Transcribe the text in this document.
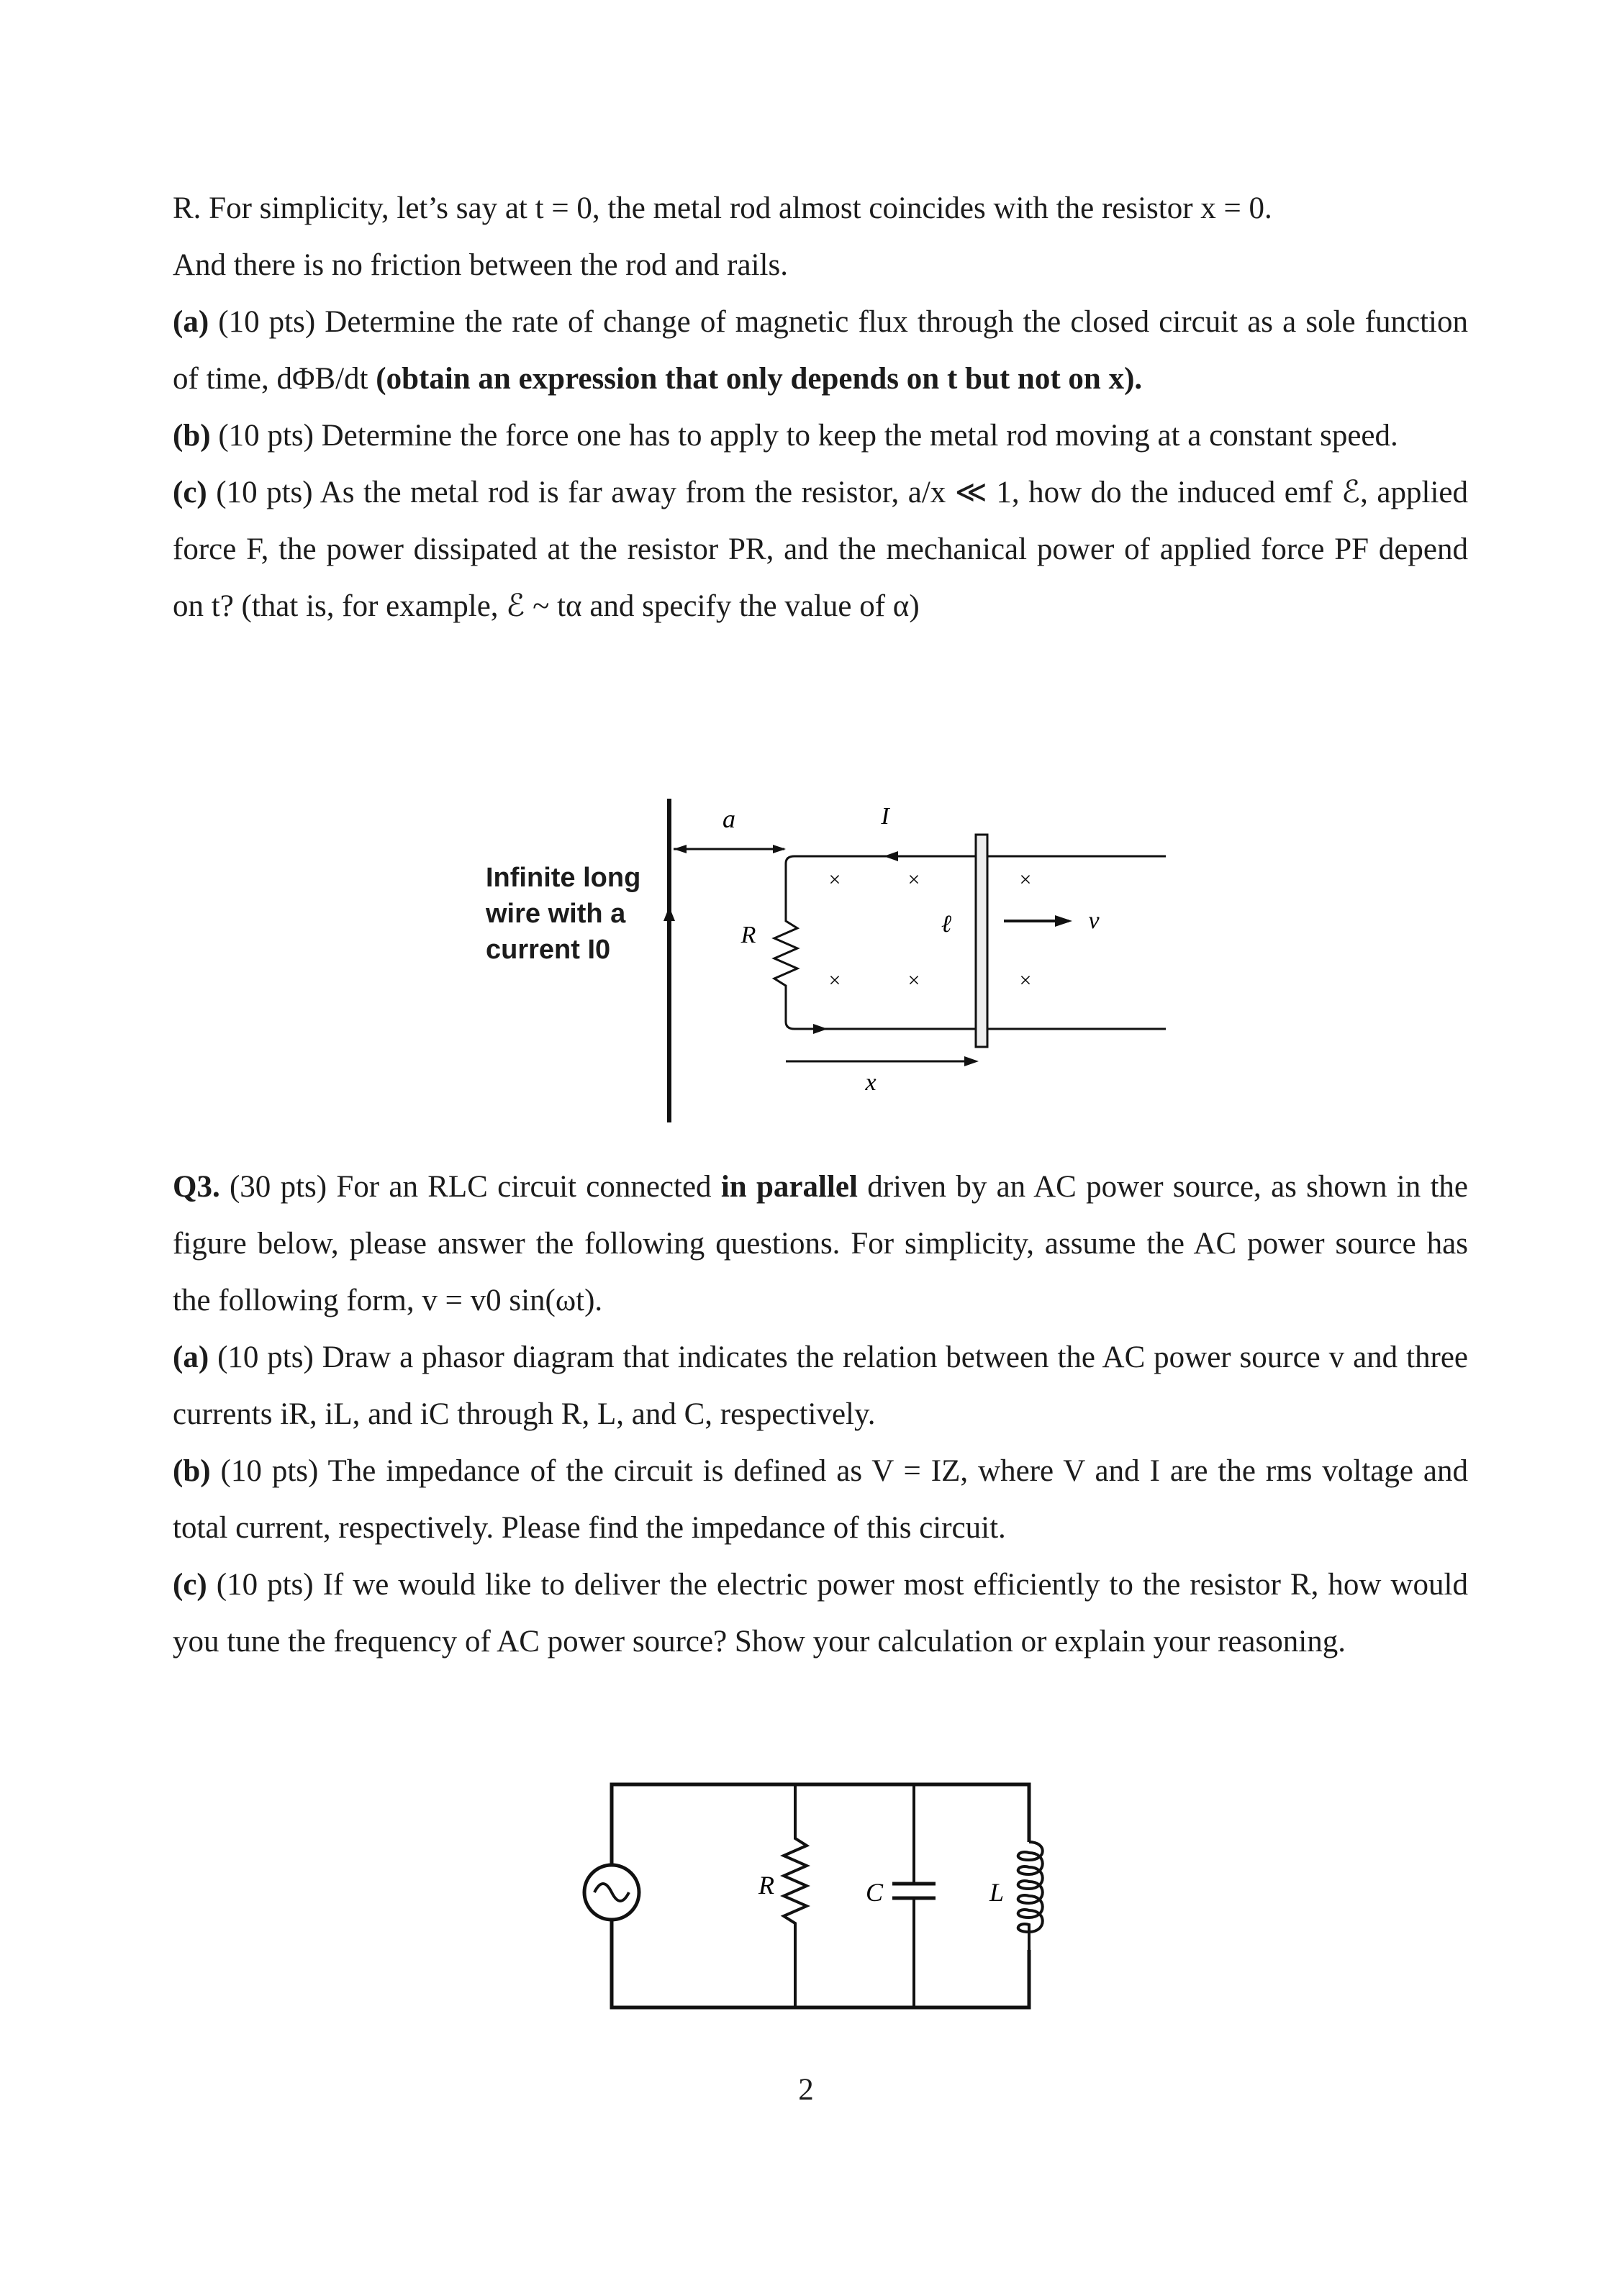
R. For simplicity, let’s say at t = 0, the metal rod almost coincides with the resistor x = 0.

And there is no friction between the rod and rails.

(a) (10 pts) Determine the rate of change of magnetic flux through the closed circuit as a sole function of time, dΦB/dt (obtain an expression that only depends on t but not on x).

(b) (10 pts) Determine the force one has to apply to keep the metal rod moving at a constant speed.

(c) (10 pts) As the metal rod is far away from the resistor, a/x ≪ 1, how do the induced emf ℰ, applied force F, the power dissipated at the resistor PR, and the mechanical power of applied force PF depend on t? (that is, for example, ℰ ~ tα and specify the value of α)

Infinite long
wire with a
current I0
a	I
R	ℓ	v
×	×	×
×	×	×
x

Q3. (30 pts) For an RLC circuit connected in parallel driven by an AC power source, as shown in the figure below, please answer the following questions. For simplicity, assume the AC power source has the following form, v = v0 sin(ωt).

(a) (10 pts) Draw a phasor diagram that indicates the relation between the AC power source v and three currents iR, iL, and iC through R, L, and C, respectively.

(b) (10 pts) The impedance of the circuit is defined as V = IZ, where V and I are the rms voltage and total current, respectively. Please find the impedance of this circuit.

(c) (10 pts) If we would like to deliver the electric power most efficiently to the resistor R, how would you tune the frequency of AC power source? Show your calculation or explain your reasoning.

R	C	L
2
